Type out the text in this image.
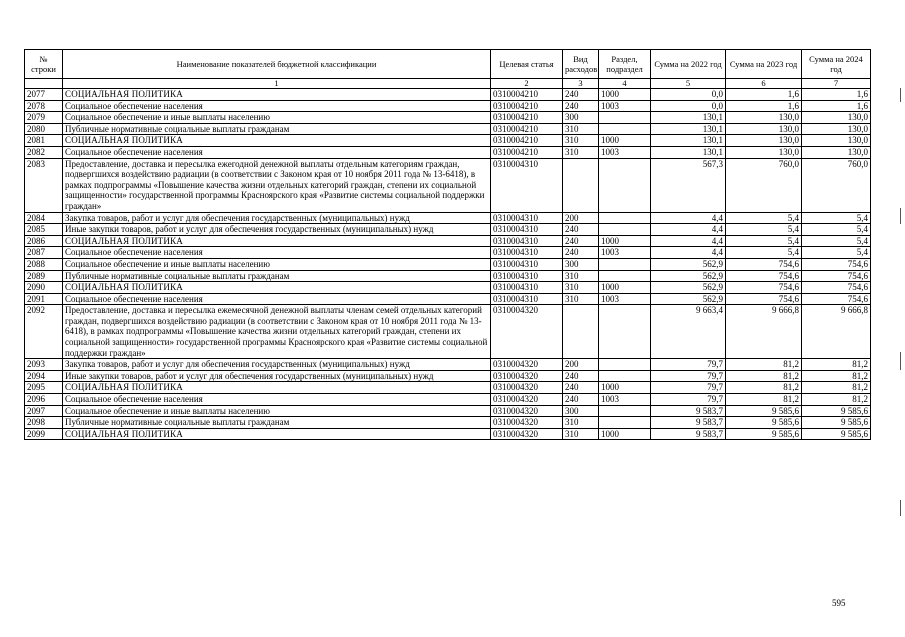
№ строки	Наименование показателей бюджетной классификации	Целевая статья	Вид расходов	Раздел, подраздел	Сумма на 2022 год	Сумма на 2023 год	Сумма на 2024 год
	1	2	3	4	5	6	7
2077	СОЦИАЛЬНАЯ ПОЛИТИКА	0310004210	240	1000	0,0	1,6	1,6
2078	Социальное обеспечение населения	0310004210	240	1003	0,0	1,6	1,6
2079	Социальное обеспечение и иные выплаты населению	0310004210	300		130,1	130,0	130,0
2080	Публичные нормативные социальные выплаты гражданам	0310004210	310		130,1	130,0	130,0
2081	СОЦИАЛЬНАЯ ПОЛИТИКА	0310004210	310	1000	130,1	130,0	130,0
2082	Социальное обеспечение населения	0310004210	310	1003	130,1	130,0	130,0
2083	Предоставление, доставка и пересылка ежегодной денежной выплаты отдельным категориям граждан, подвергшихся воздействию радиации (в соответствии с Законом края от 10 ноября 2011 года № 13-6418), в рамках подпрограммы «Повышение качества жизни отдельных категорий граждан, степени их социальной защищенности» государственной программы Красноярского края «Развитие системы социальной поддержки граждан»	0310004310			567,3	760,0	760,0
2084	Закупка товаров, работ и услуг для обеспечения государственных (муниципальных) нужд	0310004310	200		4,4	5,4	5,4
2085	Иные закупки товаров, работ и услуг для обеспечения государственных (муниципальных) нужд	0310004310	240		4,4	5,4	5,4
2086	СОЦИАЛЬНАЯ ПОЛИТИКА	0310004310	240	1000	4,4	5,4	5,4
2087	Социальное обеспечение населения	0310004310	240	1003	4,4	5,4	5,4
2088	Социальное обеспечение и иные выплаты населению	0310004310	300		562,9	754,6	754,6
2089	Публичные нормативные социальные выплаты гражданам	0310004310	310		562,9	754,6	754,6
2090	СОЦИАЛЬНАЯ ПОЛИТИКА	0310004310	310	1000	562,9	754,6	754,6
2091	Социальное обеспечение населения	0310004310	310	1003	562,9	754,6	754,6
2092	Предоставление, доставка и пересылка ежемесячной денежной выплаты членам семей отдельных категорий граждан, подвергшихся воздействию радиации (в соответствии с Законом края от 10 ноября 2011 года № 13-6418), в рамках подпрограммы «Повышение качества жизни отдельных категорий граждан, степени их социальной защищенности» государственной программы Красноярского края «Развитие системы социальной поддержки граждан»	0310004320			9 663,4	9 666,8	9 666,8
2093	Закупка товаров, работ и услуг для обеспечения государственных (муниципальных) нужд	0310004320	200		79,7	81,2	81,2
2094	Иные закупки товаров, работ и услуг для обеспечения государственных (муниципальных) нужд	0310004320	240		79,7	81,2	81,2
2095	СОЦИАЛЬНАЯ ПОЛИТИКА	0310004320	240	1000	79,7	81,2	81,2
2096	Социальное обеспечение населения	0310004320	240	1003	79,7	81,2	81,2
2097	Социальное обеспечение и иные выплаты населению	0310004320	300		9 583,7	9 585,6	9 585,6
2098	Публичные нормативные социальные выплаты гражданам	0310004320	310		9 583,7	9 585,6	9 585,6
2099	СОЦИАЛЬНАЯ ПОЛИТИКА	0310004320	310	1000	9 583,7	9 585,6	9 585,6
595
